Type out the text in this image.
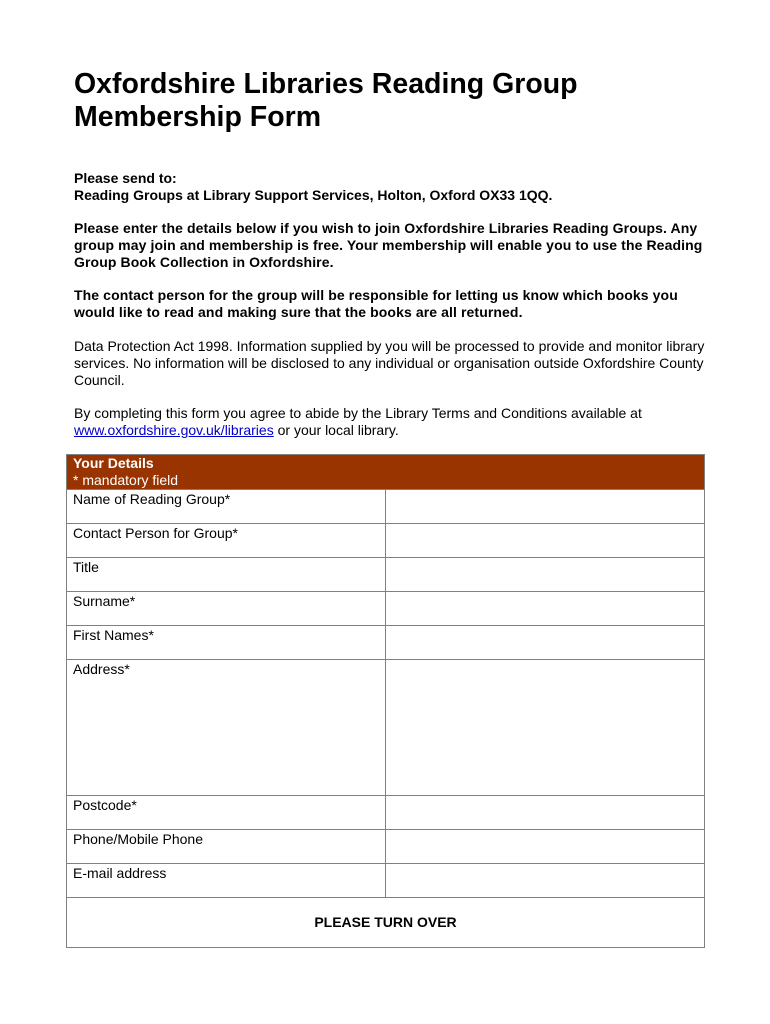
Oxfordshire Libraries Reading Group Membership Form

Please send to:

Reading Groups at Library Support Services, Holton, Oxford OX33 1QQ.

Please enter the details below if you wish to join Oxfordshire Libraries Reading Groups. Any group may join and membership is free. Your membership will enable you to use the Reading Group Book Collection in Oxfordshire.

The contact person for the group will be responsible for letting us know which books you would like to read and making sure that the books are all returned.

Data Protection Act 1998. Information supplied by you will be processed to provide and monitor library services. No information will be disclosed to any individual or organisation outside Oxfordshire County Council.

By completing this form you agree to abide by the Library Terms and Conditions available at www.oxfordshire.gov.uk/libraries or your local library.

Your Details
* mandatory field	

Name of Reading Group*	

Contact Person for Group*	

Title	

Surname*	

First Names*	

Address*	

Postcode*	

Phone/Mobile Phone	

E-mail address	

PLEASE TURN OVER	
